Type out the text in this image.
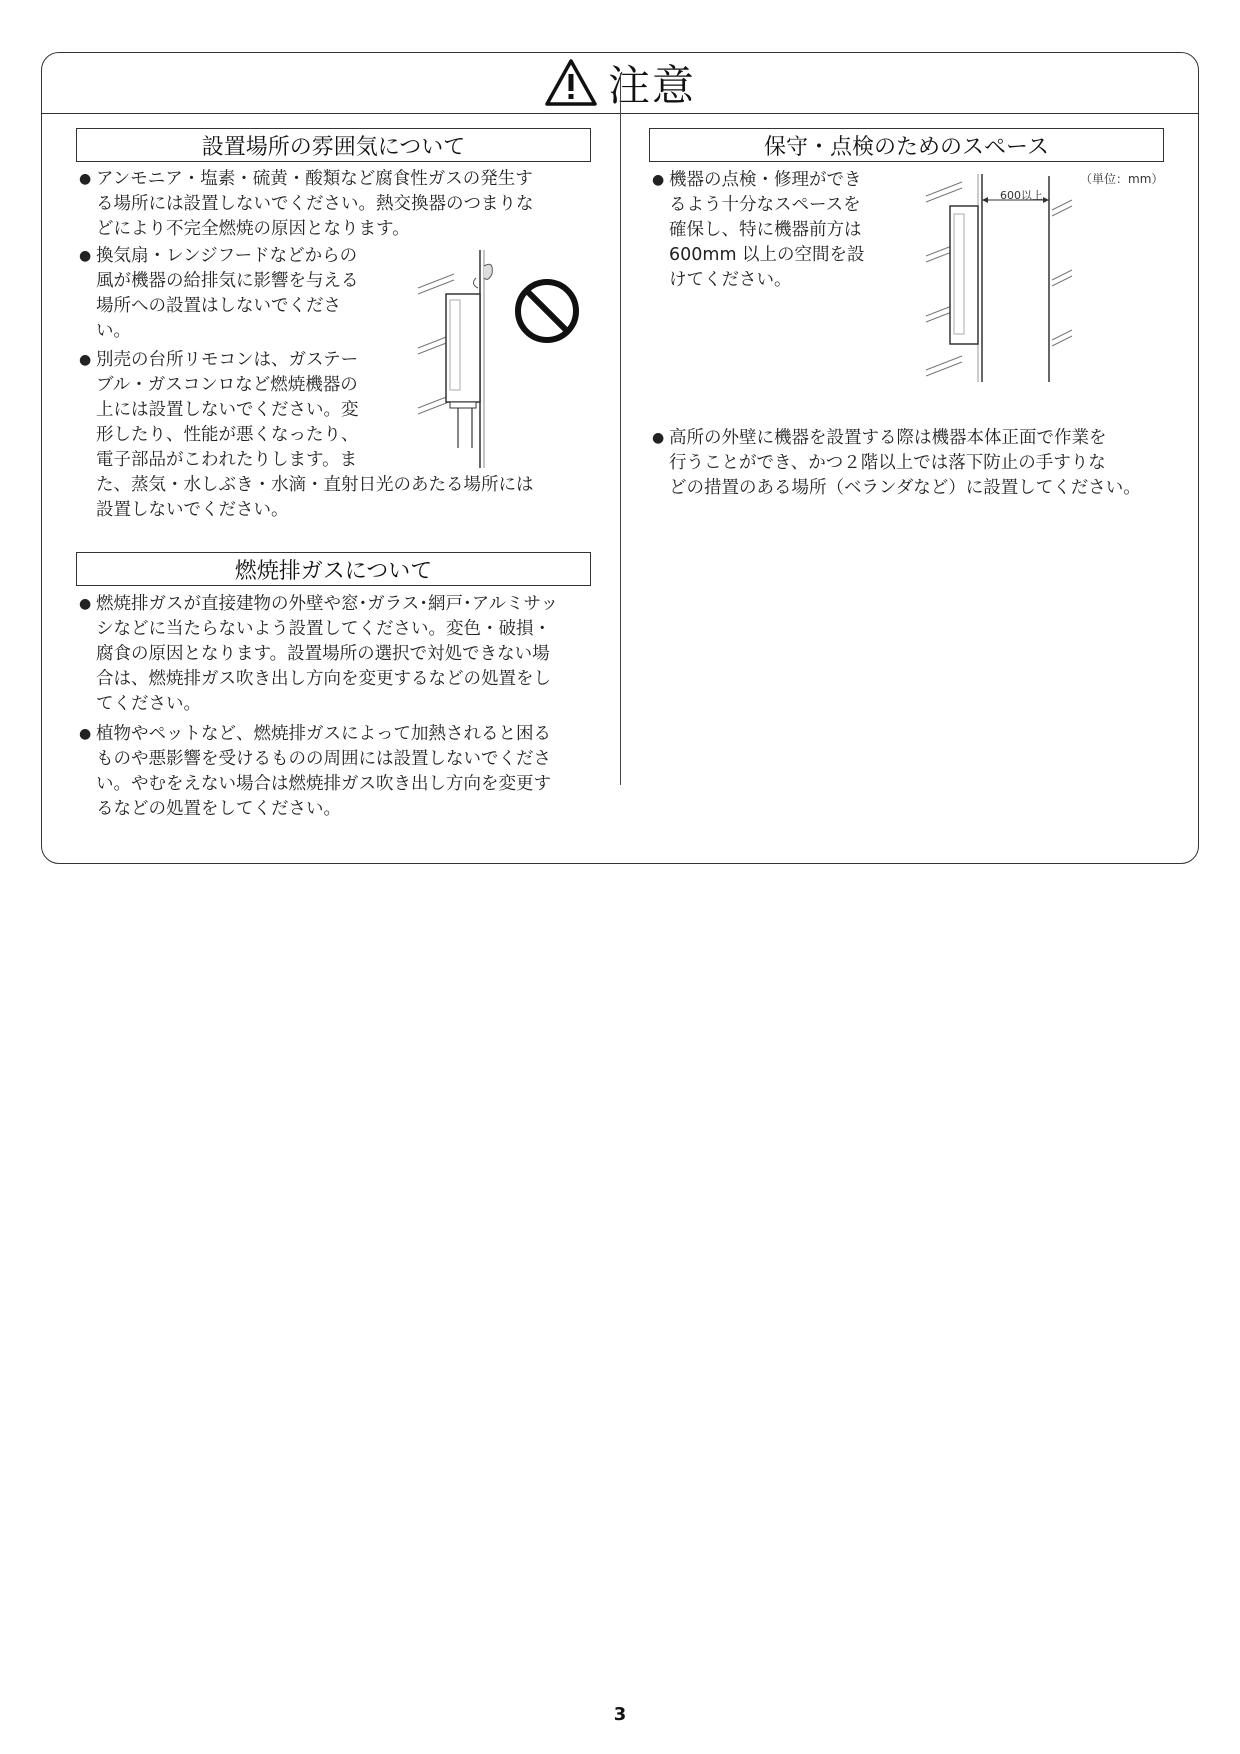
注意
設置場所の雰囲気について
● アンモニア・塩素・硫黄・酸類など腐食性ガスの発生す
る場所には設置しないでください。熱交換器のつまりな
どにより不完全燃焼の原因となります。
● 換気扇・レンジフードなどからの
風が機器の給排気に影響を与える
場所への設置はしないでくださ
い。
● 別売の台所リモコンは、ガステー
ブル・ガスコンロなど燃焼機器の
上には設置しないでください。変
形したり、性能が悪くなったり、
電子部品がこわれたりします。ま
た、蒸気・水しぶき・水滴・直射日光のあたる場所には
設置しないでください。
燃焼排ガスについて
● 燃焼排ガスが直接建物の外壁や窓･ガラス･網戸･アルミサッ
シなどに当たらないよう設置してください。変色・破損・
腐食の原因となります。設置場所の選択で対処できない場
合は、燃焼排ガス吹き出し方向を変更するなどの処置をし
てください。
● 植物やペットなど、燃焼排ガスによって加熱されると困る
ものや悪影響を受けるものの周囲には設置しないでくださ
い。やむをえない場合は燃焼排ガス吹き出し方向を変更す
るなどの処置をしてください。
保守・点検のためのスペース
● 機器の点検・修理ができ
るよう十分なスペースを
確保し、特に機器前方は
600mm 以上の空間を設
けてください。
（単位：mm）
600以上
● 高所の外壁に機器を設置する際は機器本体正面で作業を
行うことができ、かつ２階以上では落下防止の手すりな
どの措置のある場所（ベランダなど）に設置してください。
3
